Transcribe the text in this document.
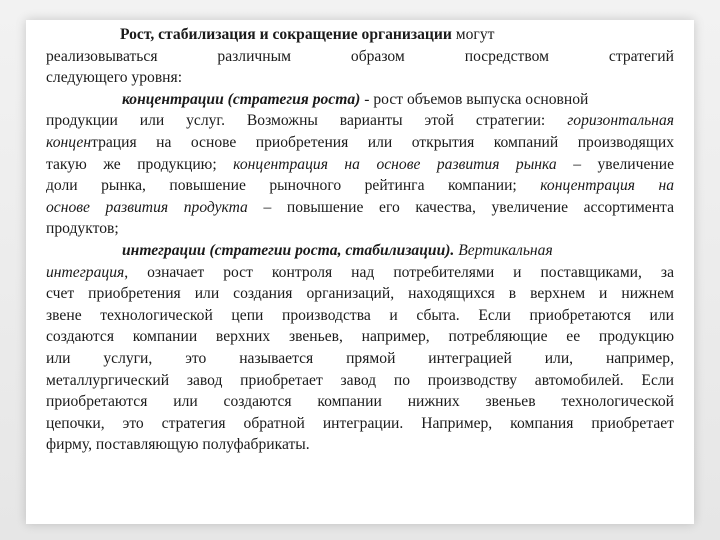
Рост, стабилизация и сокращение организации могут
реализовываться различным образом посредством стратегий
следующего уровня:
концентрации (стратегия роста) - рост объемов выпуска основной
продукции или услуг. Возможны варианты этой стратегии: горизонтальная
концентрация на основе приобретения или открытия компаний производящих
такую же продукцию; концентрация на основе развития рынка – увеличение
доли рынка, повышение рыночного рейтинга компании; концентрация на
основе развития продукта – повышение его качества, увеличение ассортимента
продуктов;
интеграции (стратегии роста, стабилизации). Вертикальная
интеграция, означает рост контроля над потребителями и поставщиками, за
счет приобретения или создания организаций, находящихся в верхнем и нижнем
звене технологической цепи производства и сбыта. Если приобретаются или
создаются компании верхних звеньев, например, потребляющие ее продукцию
или услуги, это называется прямой интеграцией или, например,
металлургический завод приобретает завод по производству автомобилей. Если
приобретаются или создаются компании нижних звеньев технологической
цепочки, это стратегия обратной интеграции. Например, компания приобретает
фирму, поставляющую полуфабрикаты.
